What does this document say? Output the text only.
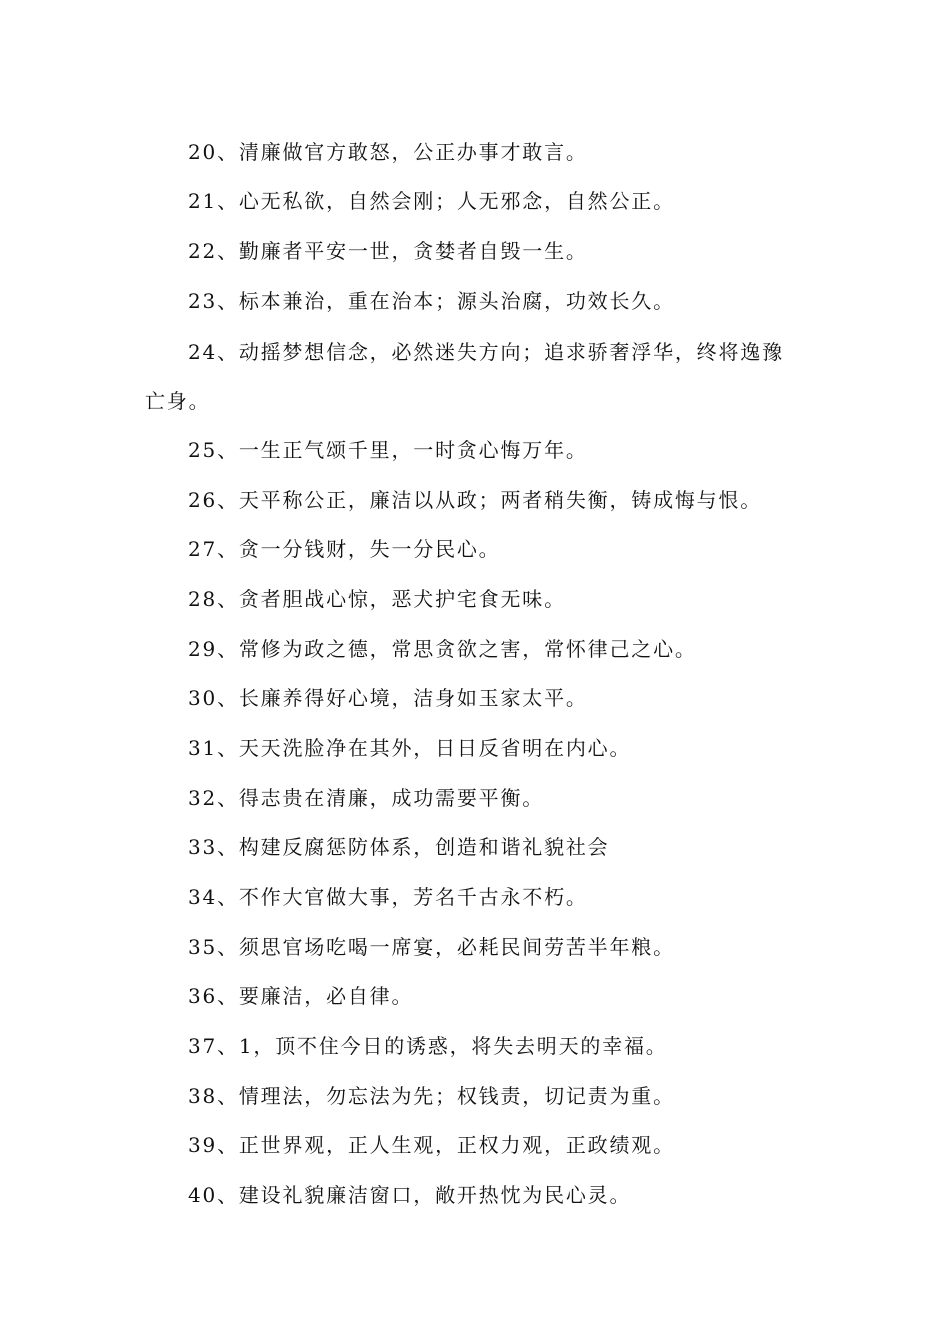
20、清廉做官方敢怒，公正办事才敢言。
21、心无私欲，自然会刚；人无邪念，自然公正。
22、勤廉者平安一世，贪婪者自毁一生。
23、标本兼治，重在治本；源头治腐，功效长久。
24、动摇梦想信念，必然迷失方向；追求骄奢浮华，终将逸豫
亡身。
25、一生正气颂千里，一时贪心悔万年。
26、天平称公正，廉洁以从政；两者稍失衡，铸成悔与恨。
27、贪一分钱财，失一分民心。
28、贪者胆战心惊，恶犬护宅食无味。
29、常修为政之德，常思贪欲之害，常怀律己之心。
30、长廉养得好心境，洁身如玉家太平。
31、天天洗脸净在其外，日日反省明在内心。
32、得志贵在清廉，成功需要平衡。
33、构建反腐惩防体系，创造和谐礼貌社会
34、不作大官做大事，芳名千古永不朽。
35、须思官场吃喝一席宴，必耗民间劳苦半年粮。
36、要廉洁，必自律。
37、1，顶不住今日的诱惑，将失去明天的幸福。
38、情理法，勿忘法为先；权钱责，切记责为重。
39、正世界观，正人生观，正权力观，正政绩观。
40、建设礼貌廉洁窗口，敞开热忱为民心灵。
